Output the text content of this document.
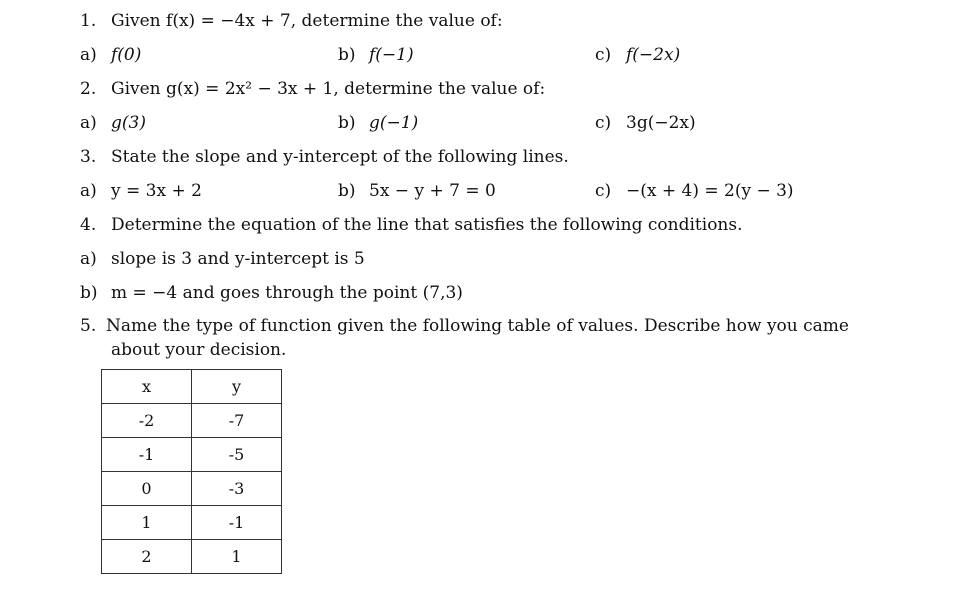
1. Given f(x) = −4x + 7, determine the value of:
a) f(0)	b) f(−1)	c) f(−2x)
2. Given g(x) = 2x² − 3x + 1, determine the value of:
a) g(3)	b) g(−1)	c) 3g(−2x)
3. State the slope and y-intercept of the following lines.
a) y = 3x + 2	b) 5x − y + 7 = 0	c) −(x + 4) = 2(y − 3)
4. Determine the equation of the line that satisfies the following conditions.
a) slope is 3 and y-intercept is 5
b) m = −4 and goes through the point (7,3)
5. Name the type of function given the following table of values. Describe how you came
about your decision.
x	y
-2	-7
-1	-5
0	-3
1	-1
2	1
